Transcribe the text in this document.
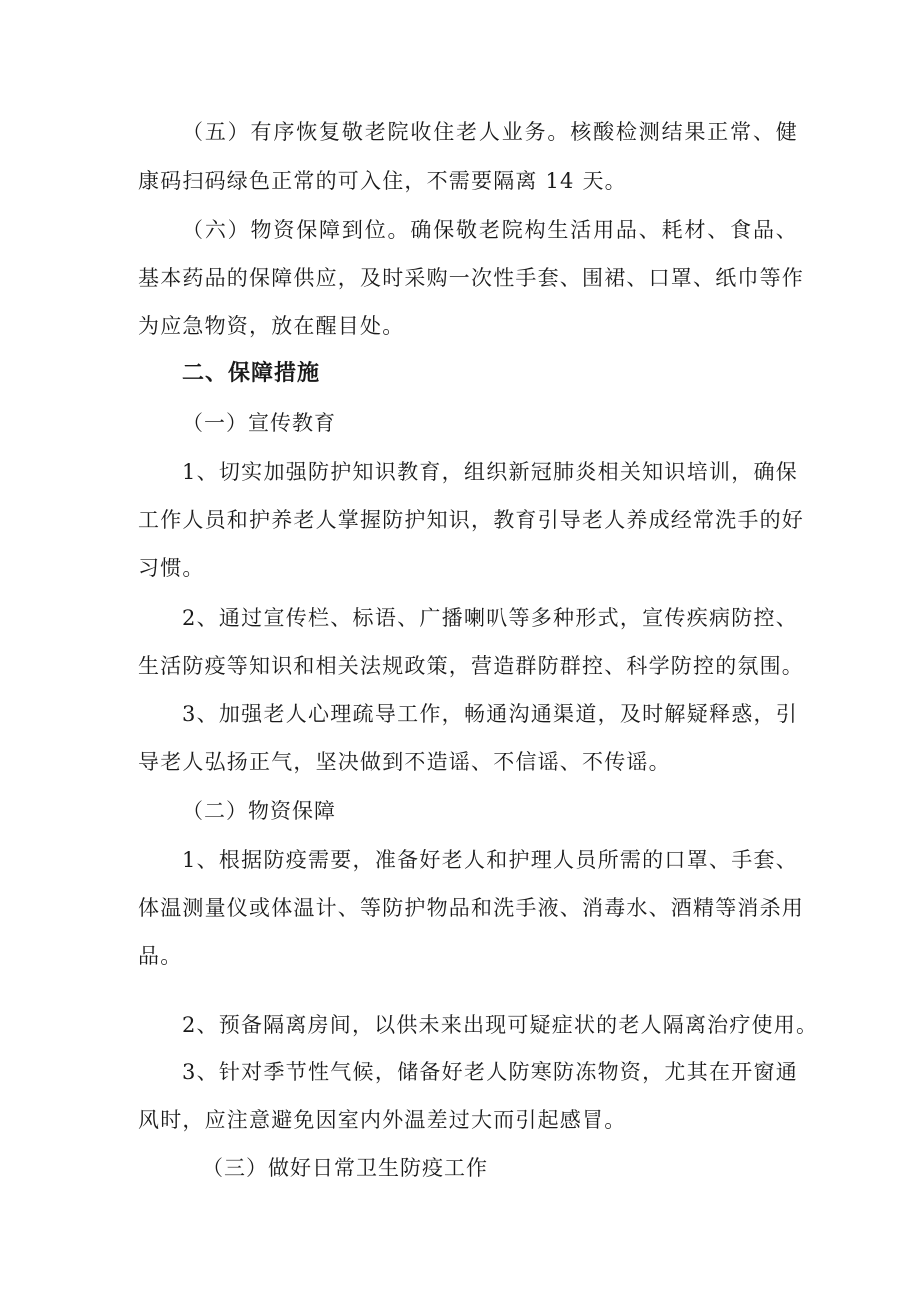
（五）有序恢复敬老院收住老人业务。核酸检测结果正常、健
康码扫码绿色正常的可入住，不需要隔离 14 天。
（六）物资保障到位。确保敬老院构生活用品、耗材、食品、
基本药品的保障供应，及时采购一次性手套、围裙、口罩、纸巾等作
为应急物资，放在醒目处。
二、保障措施
（一）宣传教育
1、切实加强防护知识教育，组织新冠肺炎相关知识培训，确保
工作人员和护养老人掌握防护知识，教育引导老人养成经常洗手的好
习惯。
2、通过宣传栏、标语、广播喇叭等多种形式，宣传疾病防控、
生活防疫等知识和相关法规政策，营造群防群控、科学防控的氛围。
3、加强老人心理疏导工作，畅通沟通渠道，及时解疑释惑，引
导老人弘扬正气，坚决做到不造谣、不信谣、不传谣。
（二）物资保障
1、根据防疫需要，准备好老人和护理人员所需的口罩、手套、
体温测量仪或体温计、等防护物品和洗手液、消毒水、酒精等消杀用
品。
2、预备隔离房间，以供未来出现可疑症状的老人隔离治疗使用。
3、针对季节性气候，储备好老人防寒防冻物资，尤其在开窗通
风时，应注意避免因室内外温差过大而引起感冒。
（三）做好日常卫生防疫工作
